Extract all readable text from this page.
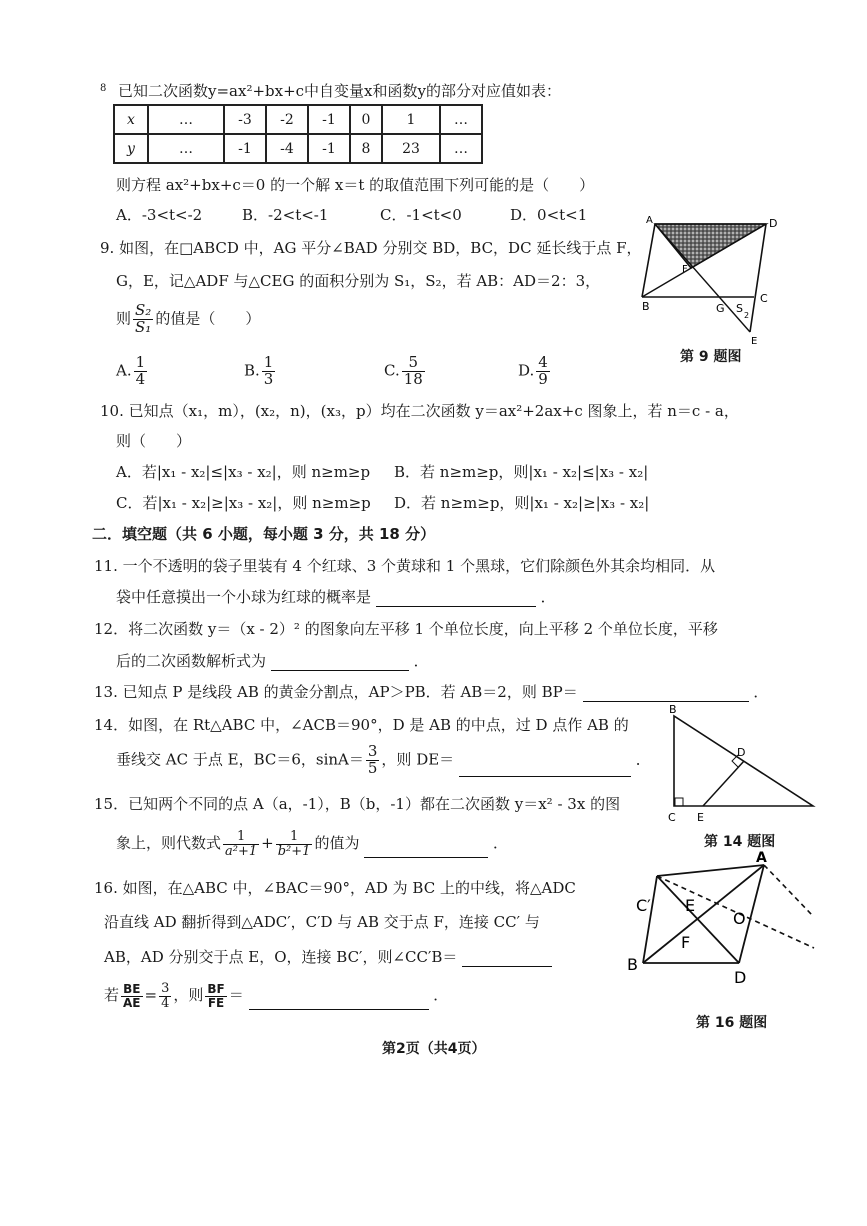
8 已知二次函数y=ax²+bx+c中自变量x和函数y的部分对应值如表：
x	…	-3	-2	-1	0	1	…
y	…	-1	-4	-1	8	23	…
则方程 ax²+bx+c＝0 的一个解 x＝t 的取值范围下列可能的是（　　）
A．-3<t<-2	B．-2<t<-1	C．-1<t<0	D．0<t<1
9. 如图，在□ABCD 中，AG 平分∠BAD 分别交 BD，BC，DC 延长线于点 F，
G，E，记△ADF 与△CEG 的面积分别为 S₁，S₂，若 AB：AD＝2：3，
则 $\frac{\text{S₂}}{\text{S₁}}$ 的值是（　　）
A. $\frac{1}{4}$	B. $\frac{1}{3}$	C. $\frac{5}{18}$	D. $\frac{4}{9}$
A	D
F
B	G S
2
C
E
第 9 题图
10. 已知点（x₁，m），(x₂，n)，(x₃，p）均在二次函数 y＝ax²+2ax+c 图象上，若 n＝c - a，
则（　　）
A．若|x₁ - x₂|≤|x₃ - x₂|，则 n≥m≥p B．若 n≥m≥p，则|x₁ - x₂|≤|x₃ - x₂|
C．若|x₁ - x₂|≥|x₃ - x₂|，则 n≥m≥p D．若 n≥m≥p，则|x₁ - x₂|≥|x₃ - x₂|
二．填空题（共 6 小题，每小题 3 分，共 18 分）
11. 一个不透明的袋子里装有 4 个红球、3 个黄球和 1 个黑球，它们除颜色外其余均相同．从
袋中任意摸出一个小球为红球的概率是	．
12．将二次函数 y＝（x - 2）² 的图象向左平移 1 个单位长度，向上平移 2 个单位长度，平移
后的二次函数解析式为	．
13. 已知点 P 是线段 AB 的黄金分割点，AP＞PB．若 AB＝2，则 BP＝	．
14．如图，在 Rt△ABC 中，∠ACB＝90°，D 是 AB 的中点，过 D 点作 AB 的
垂线交 AC 于点 E，BC＝6，$\sin A= \frac{3}{5}$ ，则 DE＝	．
B
D
C E
第 14 题图
15．已知两个不同的点 A（a，-1），B（b，-1）都在二次函数 y＝x² - 3x 的图
象上，则代数式 $\frac{1}{\text{a²+1}} + \frac{1}{\text{b²+1}}$ 的值为	．
16. 如图，在△ABC 中，∠BAC＝90°，AD 为 BC 上的中线，将△ADC
沿直线 AD 翻折得到△ADC′，C′D 与 AB 交于点 F，连接 CC′ 与
AB，AD 分别交于点 E，O，连接 BC′，则∠CC′B＝
若 $\frac{BE}{AE} = \frac{3}{4}$ ，则 $\frac{BF}{FE}$ ＝	．
A
C′ E
O
F
B
D
第 16 题图
第2页（共4页）
